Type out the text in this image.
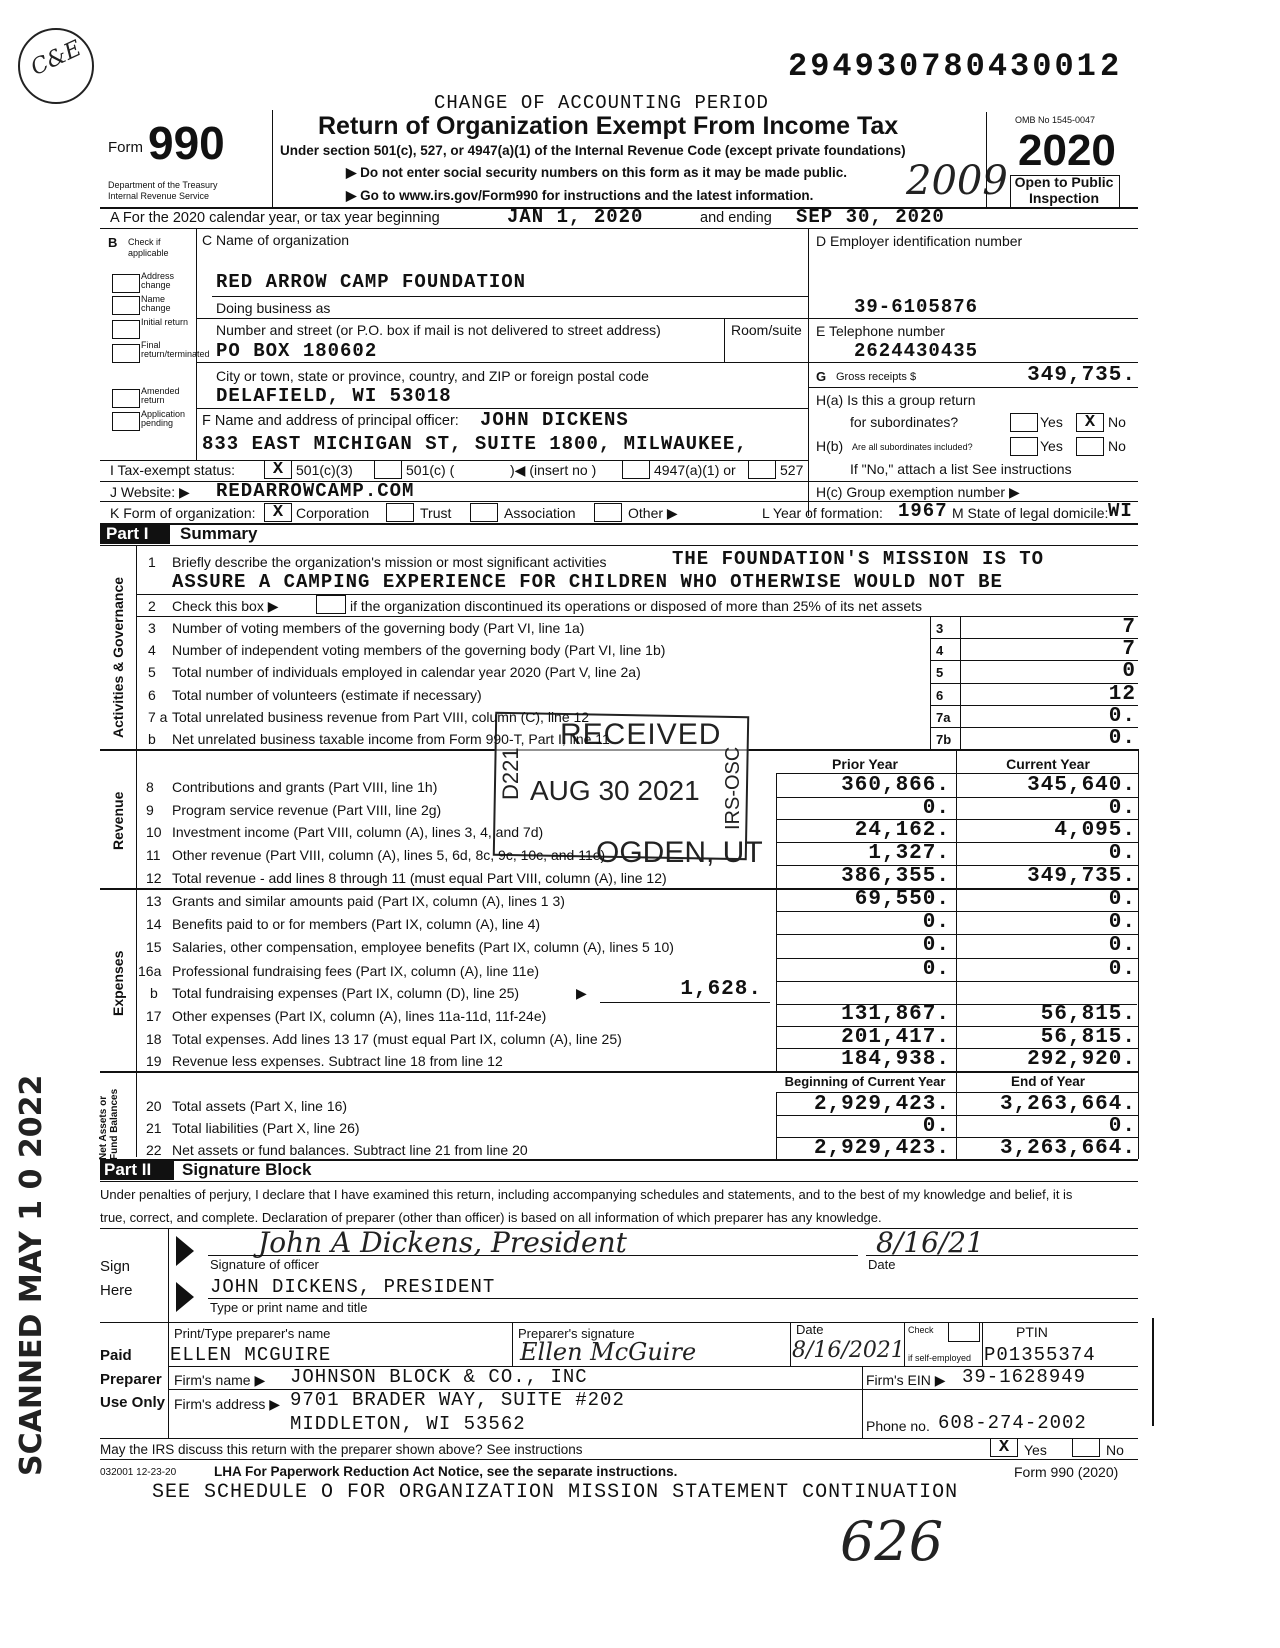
C&E	29493078043001 2
CHANGE OF ACCOUNTING PERIOD
Form 990
Department of the Treasury
Internal Revenue Service
Return of Organization Exempt From Income Tax
Under section 501(c), 527, or 4947(a)(1) of the Internal Revenue Code (except private foundations)
▶ Do not enter social security numbers on this form as it may be made public.
▶ Go to www.irs.gov/Form990 for instructions and the latest information. 2009
OMB No 1545-0047
2020
Open to Public
Inspection
A For the 2020 calendar year, or tax year beginning	JAN 1, 2020	and ending SEP 30, 2020
B Check if
applicable
Address change
Name change
Initial return
Final return/terminated
Amended return
Application pending
C Name of organization
RED ARROW CAMP FOUNDATION
Doing business as
Number and street (or P.O. box if mail is not delivered to street address)	Room/suite
PO BOX 180602
City or town, state or province, country, and ZIP or foreign postal code
DELAFIELD, WI 53018
F Name and address of principal officer: JOHN DICKENS
833 EAST MICHIGAN ST, SUITE 1800, MILWAUKEE,
D Employer identification number
39-6105876
E Telephone number
2624430435
G Gross receipts $	349,735.
H(a) Is this a group return
for subordinates?	Yes	X No
H(b) Are all subordinates included?	Yes	No
If "No," attach a list See instructions
I Tax-exempt status:	X 501(c)(3)	501(c) (	)◀ (insert no )	4947(a)(1) or	527
J Website: ▶ REDARROWCAMP.COM	H(c) Group exemption number ▶
K Form of organization:	X Corporation	Trust	Association	Other ▶	L Year of formation: 1967 M State of legal domicile: WI
Part I Summary
Activities & Governance
Revenue
Expenses
Net Assets or Fund Balances
1 Briefly describe the organization's mission or most significant activities	THE FOUNDATION'S MISSION IS TO
ASSURE A CAMPING EXPERIENCE FOR CHILDREN WHO OTHERWISE WOULD NOT BE
2 Check this box ▶	if the organization discontinued its operations or disposed of more than 25% of its net assets
Prior Year	Current Year
b Total fundraising expenses (Part IX, column (D), line 25)	▶	1,628.
Beginning of Current Year	End of Year
RECEIVED
AUG 30 2021
OGDEN, UT
D221	IRS-OSC
Part II Signature Block
Under penalties of perjury, I declare that I have examined this return, including accompanying schedules and statements, and to the best of my knowledge and belief, it is
true, correct, and complete. Declaration of preparer (other than officer) is based on all information of which preparer has any knowledge.
Sign
Here
John A Dickens, President
Signature of officer	Date
8/16/21
JOHN DICKENS, PRESIDENT
Type or print name and title
Paid
Preparer
Use Only
Print/Type preparer's name
ELLEN MCGUIRE
Preparer's signature
Ellen McGuire
Date
8/16/2021
Check
if self-employed
PTIN
P01355374
Firm's name ▶ JOHNSON BLOCK & CO., INC	Firm's EIN ▶ 39-1628949
Firm's address ▶ 9701 BRADER WAY, SUITE #202
MIDDLETON, WI 53562	Phone no. 608-274-2002
May the IRS discuss this return with the preparer shown above? See instructions	X	Yes	No
032001 12-23-20	LHA For Paperwork Reduction Act Notice, see the separate instructions.	Form 990 (2020)
SEE SCHEDULE O FOR ORGANIZATION MISSION STATEMENT CONTINUATION
626
SCANNED MAY 1 0 2022
3 Number of voting members of the governing body (Part VI, line 1a)	3	7
4 Number of independent voting members of the governing body (Part VI, line 1b)	4	7
5 Total number of individuals employed in calendar year 2020 (Part V, line 2a)	5	0
6 Total number of volunteers (estimate if necessary)	6	12
7 a Total unrelated business revenue from Part VIII, column (C), line 12	7a	0.
b Net unrelated business taxable income from Form 990-T, Part I, line 11	7b	0.
8 Contributions and grants (Part VIII, line 1h)	360,866.	345,640.
9 Program service revenue (Part VIII, line 2g)	0.	0.
10 Investment income (Part VIII, column (A), lines 3, 4, and 7d)	24,162.	4,095.
11 Other revenue (Part VIII, column (A), lines 5, 6d, 8c, 9c, 10c, and 11e)	1,327.	0.
12 Total revenue - add lines 8 through 11 (must equal Part VIII, column (A), line 12)	386,355.	349,735.
13 Grants and similar amounts paid (Part IX, column (A), lines 1 3)	69,550.	0.
14 Benefits paid to or for members (Part IX, column (A), line 4)	0.	0.
15 Salaries, other compensation, employee benefits (Part IX, column (A), lines 5 10)	0.	0.
16a Professional fundraising fees (Part IX, column (A), line 11e)	0.	0.
17 Other expenses (Part IX, column (A), lines 11a-11d, 11f-24e)	131,867.	56,815.
18 Total expenses. Add lines 13 17 (must equal Part IX, column (A), line 25)	201,417.	56,815.
19 Revenue less expenses. Subtract line 18 from line 12	184,938.	292,920.
20 Total assets (Part X, line 16)	2,929,423.	3,263,664.
21 Total liabilities (Part X, line 26)	0.	0.
22 Net assets or fund balances. Subtract line 21 from line 20	2,929,423.	3,263,664.
